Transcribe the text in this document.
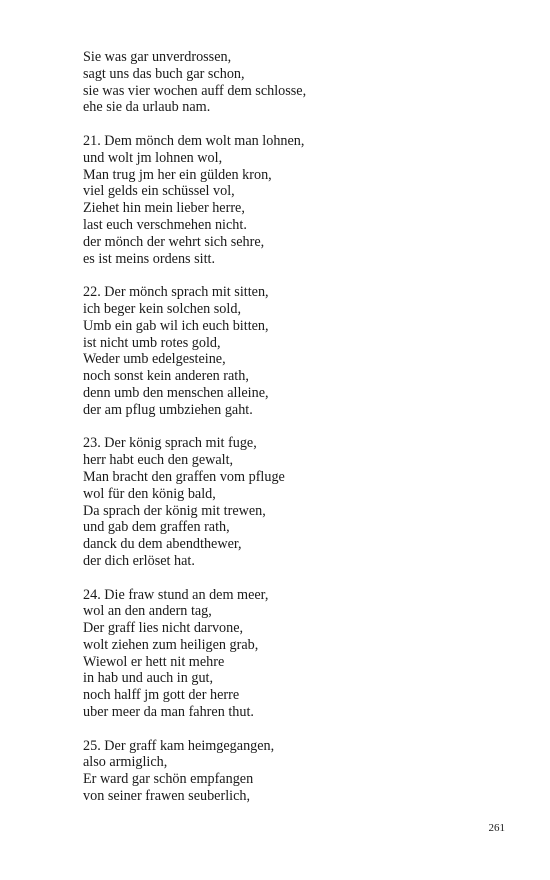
Sie was gar unverdrossen,
sagt uns das buch gar schon,
sie was vier wochen auff dem schlosse,
ehe sie da urlaub nam.
21. Dem mönch dem wolt man lohnen,
und wolt jm lohnen wol,
Man trug jm her ein gülden kron,
viel gelds ein schüssel vol,
Ziehet hin mein lieber herre,
last euch verschmehen nicht.
der mönch der wehrt sich sehre,
es ist meins ordens sitt.
22. Der mönch sprach mit sitten,
ich beger kein solchen sold,
Umb ein gab wil ich euch bitten,
ist nicht umb rotes gold,
Weder umb edelgesteine,
noch sonst kein anderen rath,
denn umb den menschen alleine,
der am pflug umbziehen gaht.
23. Der könig sprach mit fuge,
herr habt euch den gewalt,
Man bracht den graffen vom pfluge
wol für den könig bald,
Da sprach der könig mit trewen,
und gab dem graffen rath,
danck du dem abendthewer,
der dich erlöset hat.
24. Die fraw stund an dem meer,
wol an den andern tag,
Der graff lies nicht darvone,
wolt ziehen zum heiligen grab,
Wiewol er hett nit mehre
in hab und auch in gut,
noch halff jm gott der herre
uber meer da man fahren thut.
25. Der graff kam heimgegangen,
also armiglich,
Er ward gar schön empfangen
von seiner frawen seuberlich,
261
